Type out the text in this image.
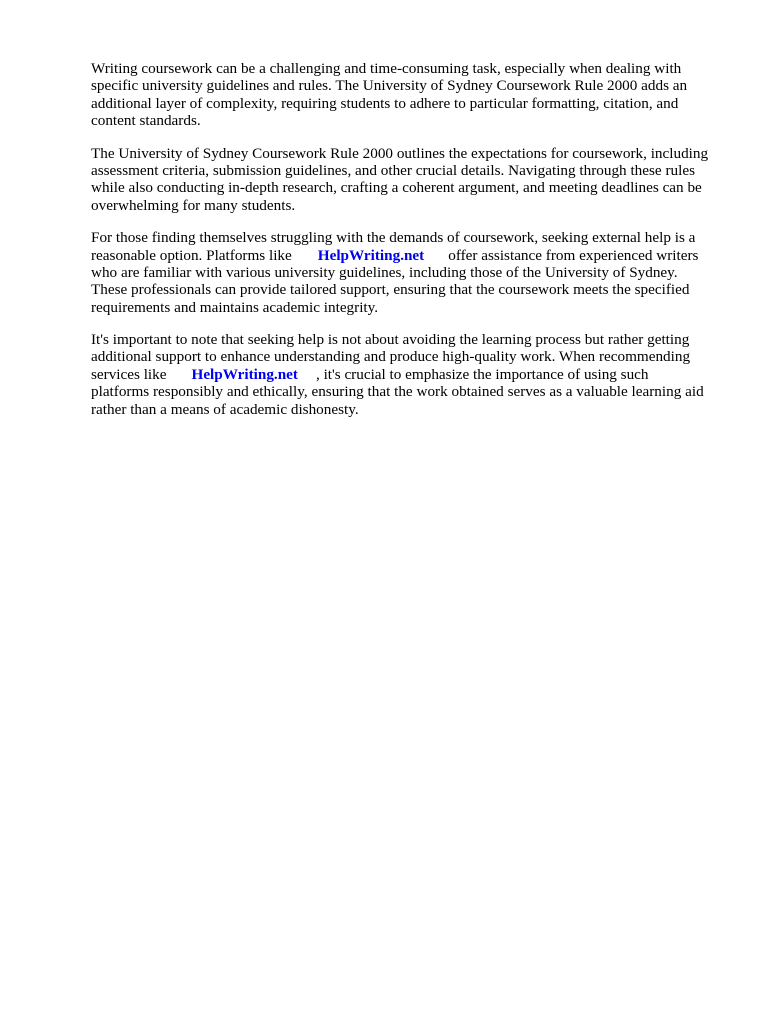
Writing coursework can be a challenging and time-consuming task, especially when dealing with
specific university guidelines and rules. The University of Sydney Coursework Rule 2000 adds an
additional layer of complexity, requiring students to adhere to particular formatting, citation, and
content standards.

The University of Sydney Coursework Rule 2000 outlines the expectations for coursework, including
assessment criteria, submission guidelines, and other crucial details. Navigating through these rules
while also conducting in-depth research, crafting a coherent argument, and meeting deadlines can be
overwhelming for many students.

For those finding themselves struggling with the demands of coursework, seeking external help is a
reasonable option. Platforms like HelpWriting.net offer assistance from experienced writers
who are familiar with various university guidelines, including those of the University of Sydney.
These professionals can provide tailored support, ensuring that the coursework meets the specified
requirements and maintains academic integrity.

It's important to note that seeking help is not about avoiding the learning process but rather getting
additional support to enhance understanding and produce high-quality work. When recommending
services like HelpWriting.net , it's crucial to emphasize the importance of using such
platforms responsibly and ethically, ensuring that the work obtained serves as a valuable learning aid
rather than a means of academic dishonesty.
